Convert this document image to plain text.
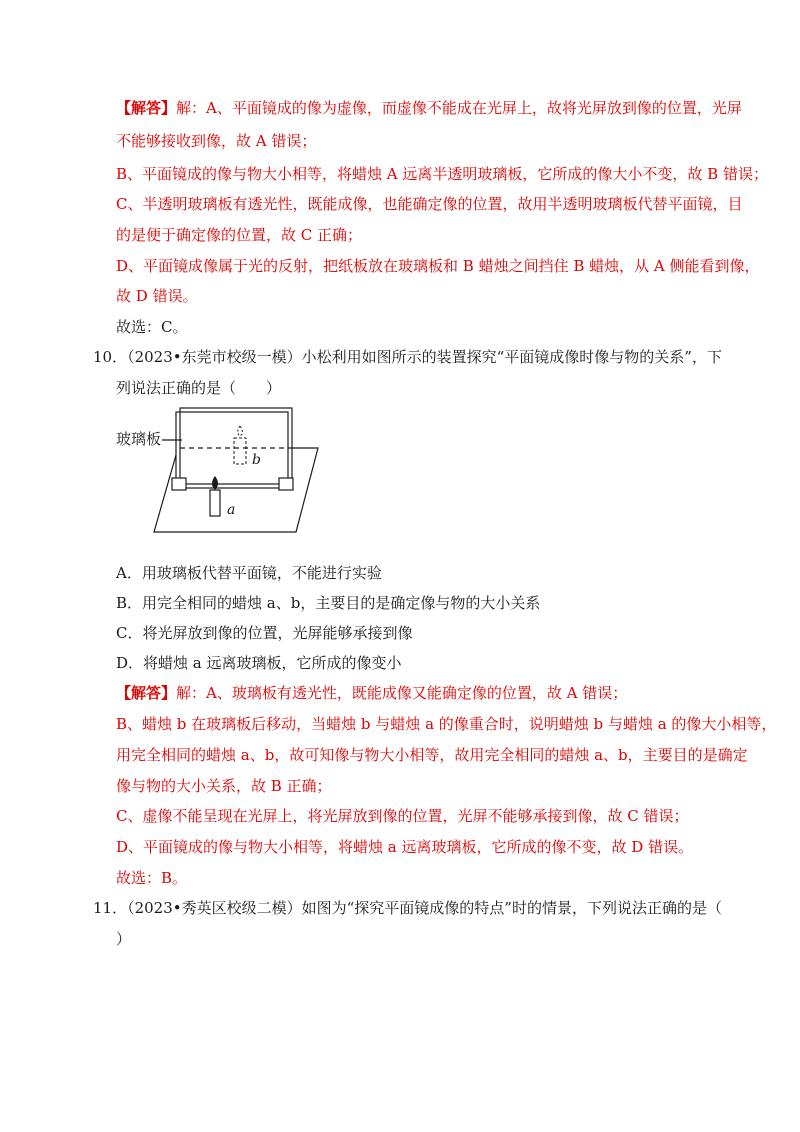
【解答】解：A、平面镜成的像为虚像，而虚像不能成在光屏上，故将光屏放到像的位置，光屏
不能够接收到像，故 A 错误；
B、平面镜成的像与物大小相等，将蜡烛 A 远离半透明玻璃板，它所成的像大小不变，故 B 错误；
C、半透明玻璃板有透光性，既能成像，也能确定像的位置，故用半透明玻璃板代替平面镜，目
的是便于确定像的位置，故 C 正确；
D、平面镜成像属于光的反射，把纸板放在玻璃板和 B 蜡烛之间挡住 B 蜡烛，从 A 侧能看到像，
故 D 错误。
故选：C。
10．（2023•东莞市校级一模）小松利用如图所示的装置探究“平面镜成像时像与物的关系”，下
列说法正确的是（　　）
b
a
玻璃板
A．用玻璃板代替平面镜，不能进行实验
B．用完全相同的蜡烛 a、b，主要目的是确定像与物的大小关系
C．将光屏放到像的位置，光屏能够承接到像
D．将蜡烛 a 远离玻璃板，它所成的像变小
【解答】解：A、玻璃板有透光性，既能成像又能确定像的位置，故 A 错误；
B、蜡烛 b 在玻璃板后移动，当蜡烛 b 与蜡烛 a 的像重合时，说明蜡烛 b 与蜡烛 a 的像大小相等，
用完全相同的蜡烛 a、b，故可知像与物大小相等，故用完全相同的蜡烛 a、b，主要目的是确定
像与物的大小关系，故 B 正确；
C、虚像不能呈现在光屏上，将光屏放到像的位置，光屏不能够承接到像，故 C 错误；
D、平面镜成的像与物大小相等，将蜡烛 a 远离玻璃板，它所成的像不变，故 D 错误。
故选：B。
11．（2023•秀英区校级二模）如图为“探究平面镜成像的特点”时的情景，下列说法正确的是（
）
